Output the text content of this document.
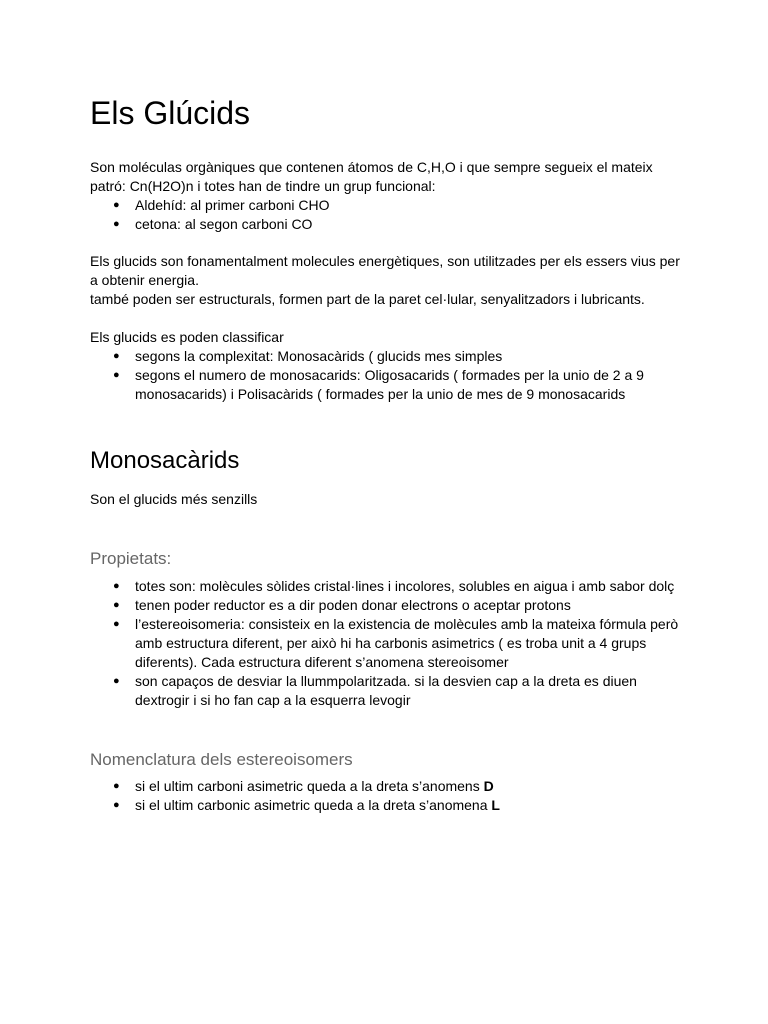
Els Glúcids
Son moléculas orgàniques que contenen átomos de C,H,O i que sempre segueix el mateix
patró: Cn(H2O)n i totes han de tindre un grup funcional:
● Aldehíd: al primer carboni CHO
● cetona: al segon carboni CO
Els glucids son fonamentalment molecules energètiques, son utilitzades per els essers vius per
a obtenir energia.
també poden ser estructurals, formen part de la paret cel·lular, senyalitzadors i lubricants.
Els glucids es poden classificar
● segons la complexitat: Monosacàrids ( glucids mes simples
● segons el numero de monosacarids: Oligosacarids ( formades per la unio de 2 a 9
monosacarids) i Polisacàrids ( formades per la unio de mes de 9 monosacarids
Monosacàrids
Son el glucids més senzills
Propietats:
● totes son: molècules sòlides cristal·lines i incolores, solubles en aigua i amb sabor dolç
● tenen poder reductor es a dir poden donar electrons o aceptar protons
● l’estereoisomeria: consisteix en la existencia de molècules amb la mateixa fórmula però
amb estructura diferent, per això hi ha carbonis asimetrics ( es troba unit a 4 grups
diferents). Cada estructura diferent s’anomena stereoisomer
● son capaços de desviar la llummpolaritzada. si la desvien cap a la dreta es diuen
dextrogir i si ho fan cap a la esquerra levogir
Nomenclatura dels estereoisomers
● si el ultim carboni asimetric queda a la dreta s’anomens D
● si el ultim carbonic asimetric queda a la dreta s’anomena L
